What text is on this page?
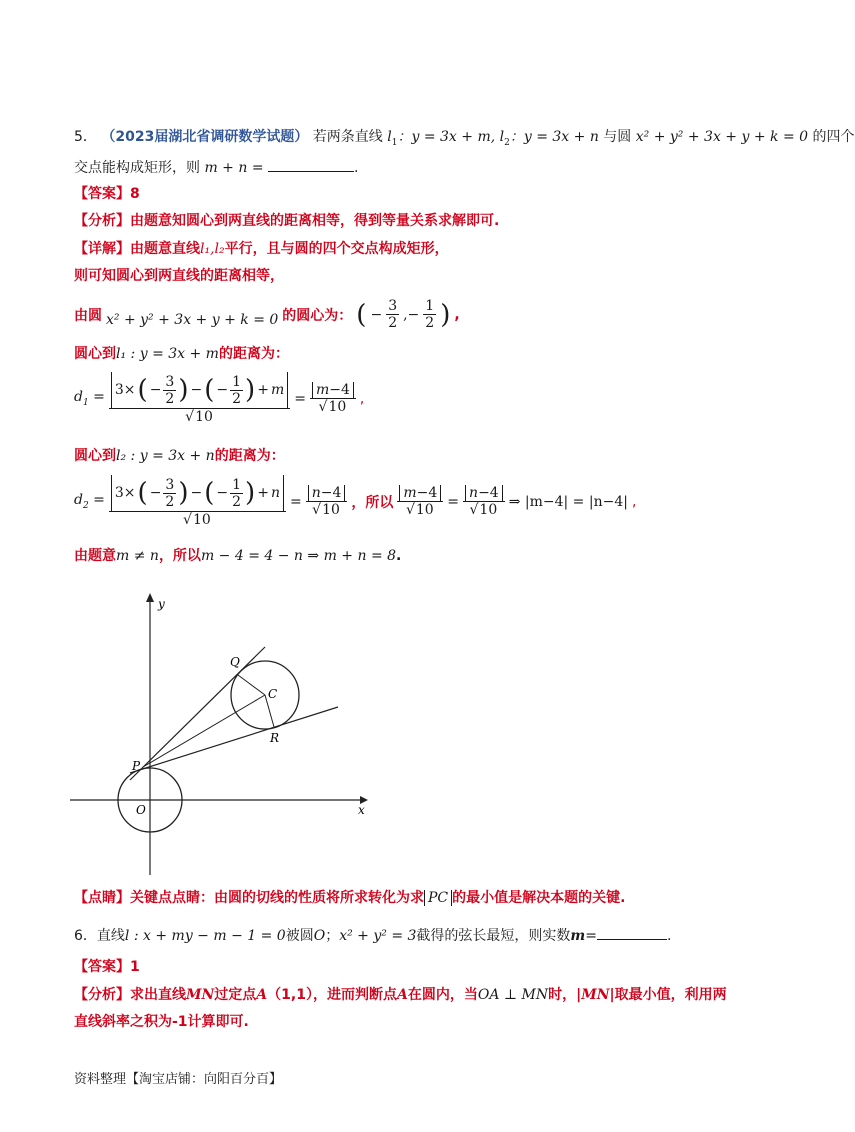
5． （2023届湖北省调研数学试题） 若两条直线 $l_1$：y = 3x + m, $l_2$：y = 3x + n 与圆 x² + y² + 3x + y + k = 0 的四个
交点能构成矩形，则 m + n =	.
【答案】8
【分析】由题意知圆心到两直线的距离相等，得到等量关系求解即可.
【详解】由题意直线l₁,l₂平行，且与圆的四个交点构成矩形，
则可知圆心到两直线的距离相等，
由圆 x² + y² + 3x + y + k = 0 的圆心为： ( − $\frac{3}{2}$ ,− $\frac{1}{2}$ ) ,
圆心到l₁ : y = 3x + m的距离为：
$d_1 = \frac{3\times ( - \frac{3}{2} ) - ( - \frac{1}{2} ) + m}{√10} = \frac{m-4}{√10}$ ,
圆心到l₂ : y = 3x + n的距离为：
$d_2 = \frac{3\times ( - \frac{3}{2} ) - ( - \frac{1}{2} ) + n}{√10} = \frac{n-4}{√10}$ ，所以 $\frac{m-4}{√10} = \frac{n-4}{√10}$ ⇒ |m−4| = |n−4| ,
由题意m ≠ n，所以m − 4 = 4 − n ⇒ m + n = 8.
y
x
O
P
Q
C
R
【点睛】关键点点睛：由圆的切线的性质将所求转化为求 PC 的最小值是解决本题的关键.
6．直线l : x + my − m − 1 = 0被圆O；x² + y² = 3截得的弦长最短，则实数m=	.
【答案】1
【分析】求出直线MN过定点A（1,1），进而判断点A在圆内，当OA ⊥ MN时，|MN|取最小值，利用两
直线斜率之积为-1计算即可.
资料整理【淘宝店铺：向阳百分百】
